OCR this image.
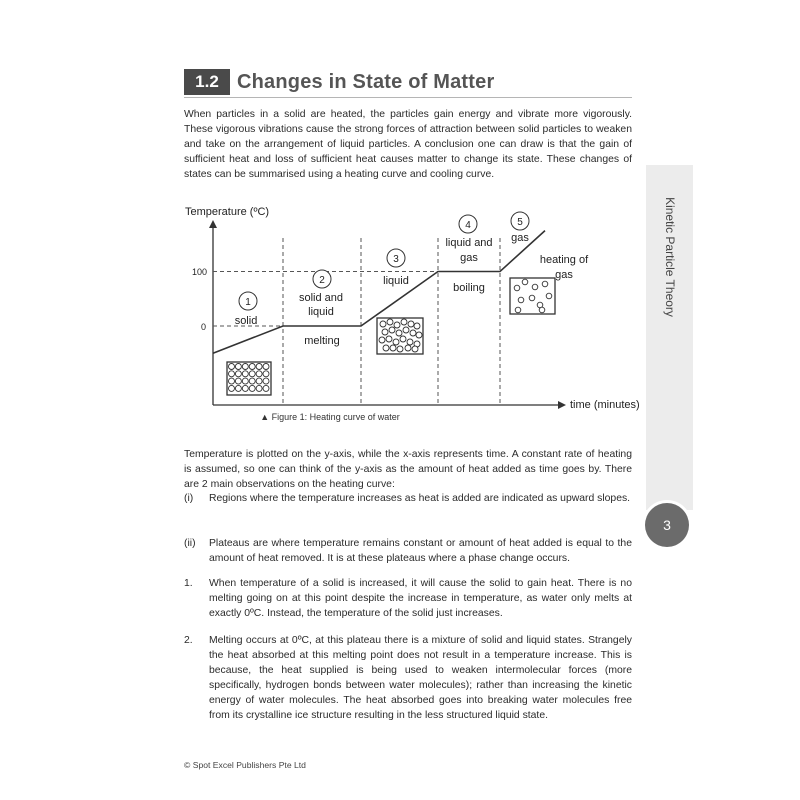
1.2 Changes in State of Matter

When particles in a solid are heated, the particles gain energy and vibrate more vigorously. These vigorous vibrations cause the strong forces of attraction between solid particles to weaken and take on the arrangement of liquid particles. A conclusion one can draw is that the gain of sufficient heat and loss of sufficient heat causes matter to change its state. These changes of states can be summarised using a heating curve and cooling curve.

Temperature (ºC)
time (minutes)
100
0
1
2
3
4	5
solid
solid and liquid
liquid
liquid and gas
gas
melting
boiling
heating of gas
▲ Figure 1: Heating curve of water
Temperature is plotted on the y-axis, while the x-axis represents time. A constant rate of heating is assumed, so one can think of the y-axis as the amount of heat added as time goes by. There are 2 main observations on the heating curve:
(i)	Regions where the temperature increases as heat is added are indicated as upward slopes.
(ii)	Plateaus are where temperature remains constant or amount of heat added is equal to the amount of heat removed. It is at these plateaus where a phase change occurs.
1.	When temperature of a solid is increased, it will cause the solid to gain heat. There is no melting going on at this point despite the increase in temperature, as water only melts at exactly 0ºC. Instead, the temperature of the solid just increases.
2.	Melting occurs at 0ºC, at this plateau there is a mixture of solid and liquid states. Strangely the heat absorbed at this melting point does not result in a temperature increase. This is because, the heat supplied is being used to weaken intermolecular forces (more specifically, hydrogen bonds between water molecules); rather than increasing the kinetic energy of water molecules. The heat absorbed goes into breaking water molecules free from its crystalline ice structure resulting in the less structured liquid state.
© Spot Excel Publishers Pte Ltd
Kinetic Particle Theory
3
